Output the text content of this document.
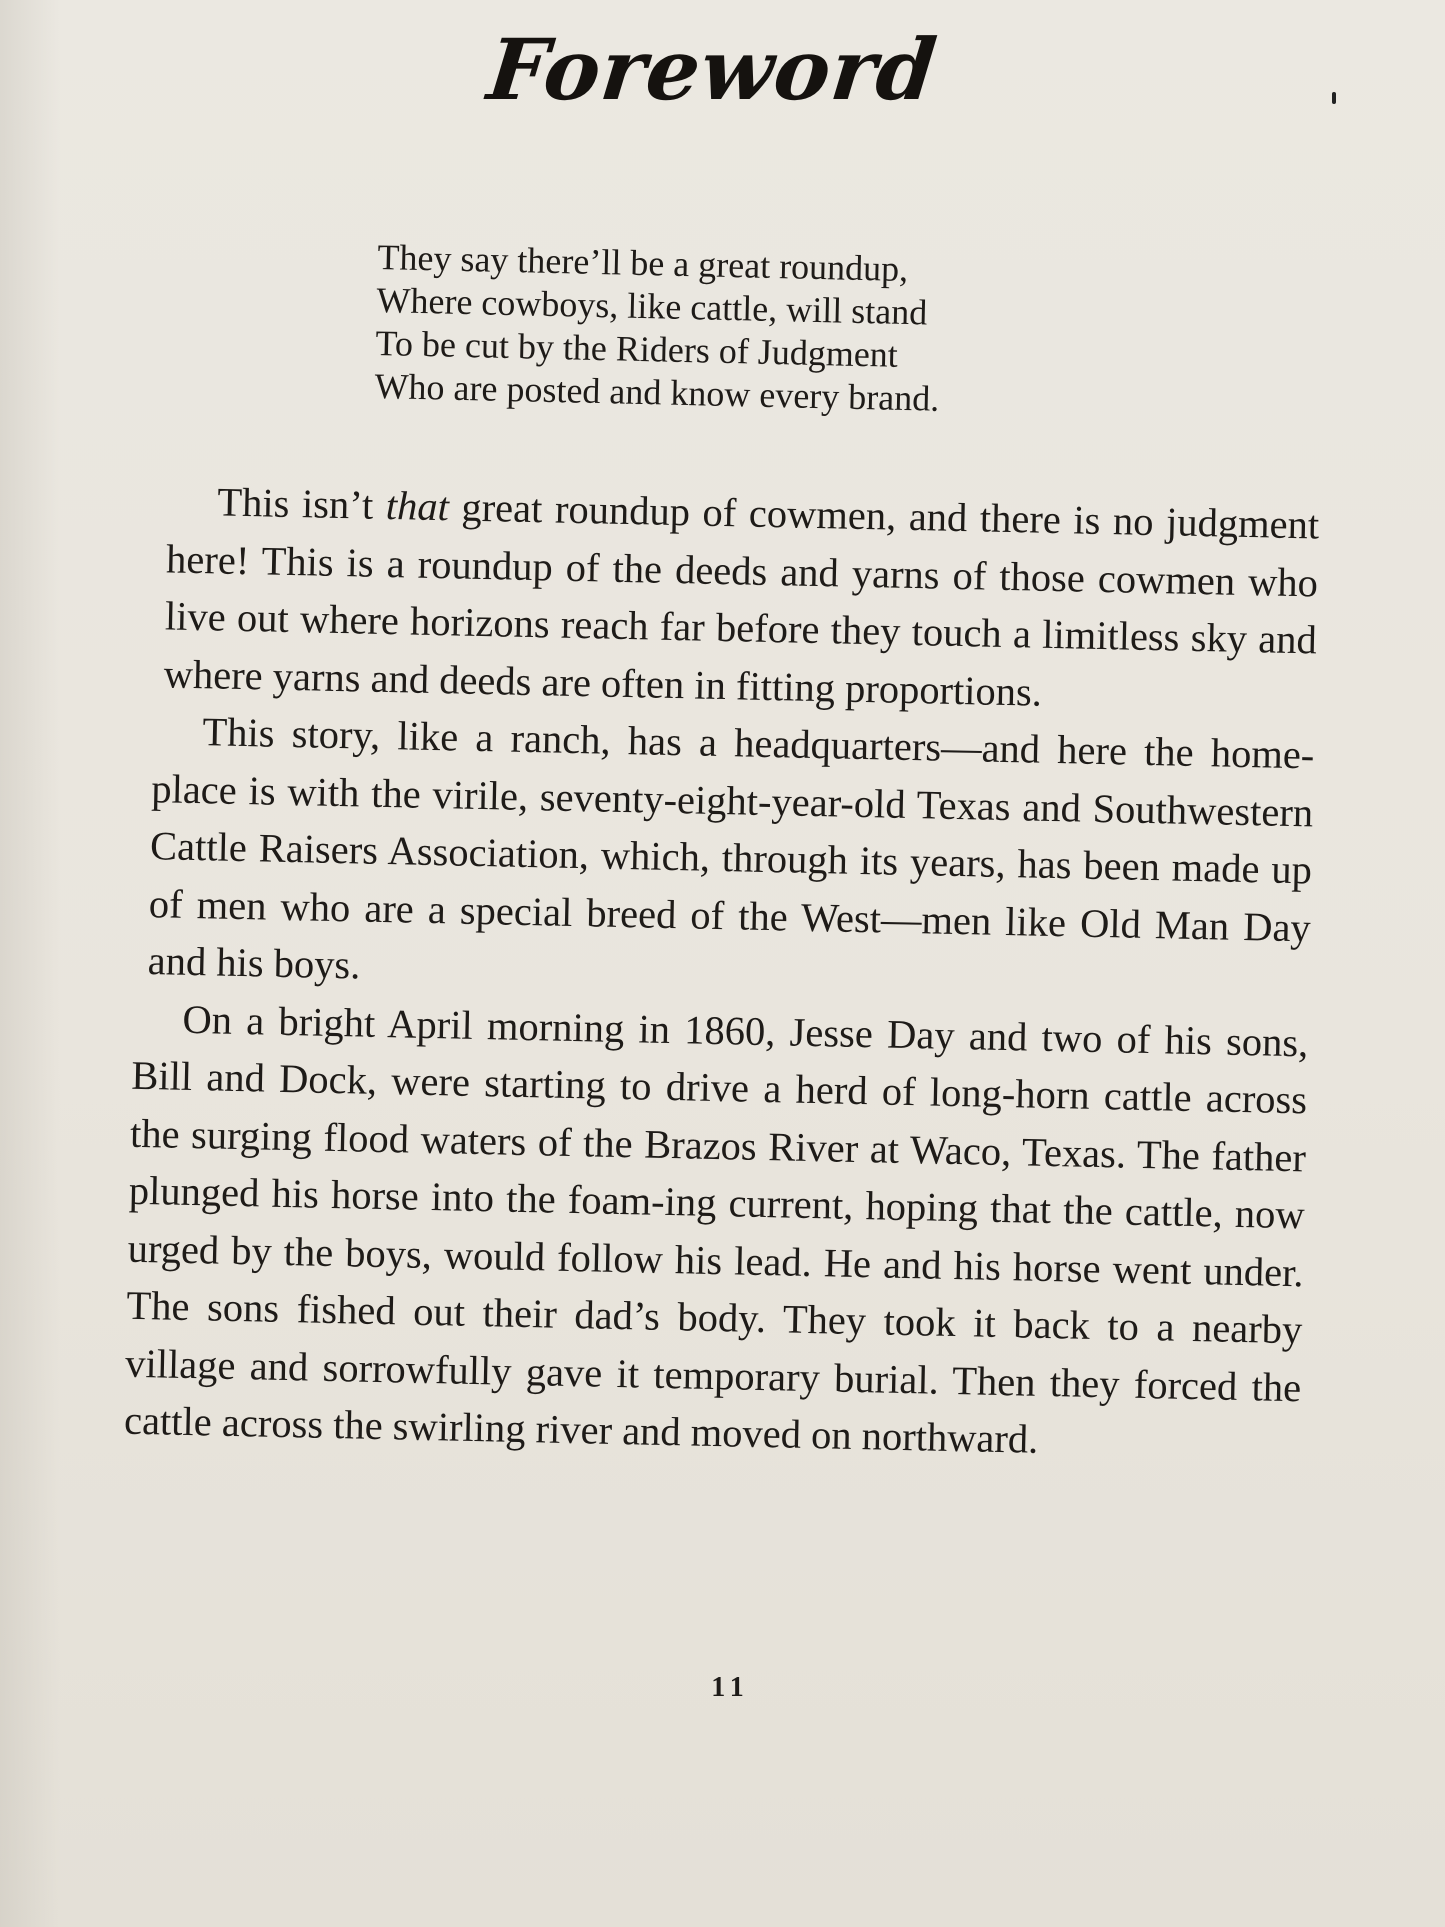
Foreword
They say there’ll be a great roundup,
Where cowboys, like cattle, will stand
To be cut by the Riders of Judgment
Who are posted and know every brand.

This isn’t that great roundup of cowmen, and there is no judgment here! This is a roundup of the deeds and yarns of those cowmen who live out where horizons reach far before they touch a limitless sky and where yarns and deeds are often in fitting proportions.

This story, like a ranch, has a headquarters—and here the home-place is with the virile, seventy-eight-year-old Texas and Southwestern Cattle Raisers Association, which, through its years, has been made up of men who are a special breed of the West—men like Old Man Day and his boys.

On a bright April morning in 1860, Jesse Day and two of his sons, Bill and Dock, were starting to drive a herd of long-horn cattle across the surging flood waters of the Brazos River at Waco, Texas. The father plunged his horse into the foam-ing current, hoping that the cattle, now urged by the boys, would follow his lead. He and his horse went under. The sons fished out their dad’s body. They took it back to a nearby village and sorrowfully gave it temporary burial. Then they forced the cattle across the swirling river and moved on northward.

11
